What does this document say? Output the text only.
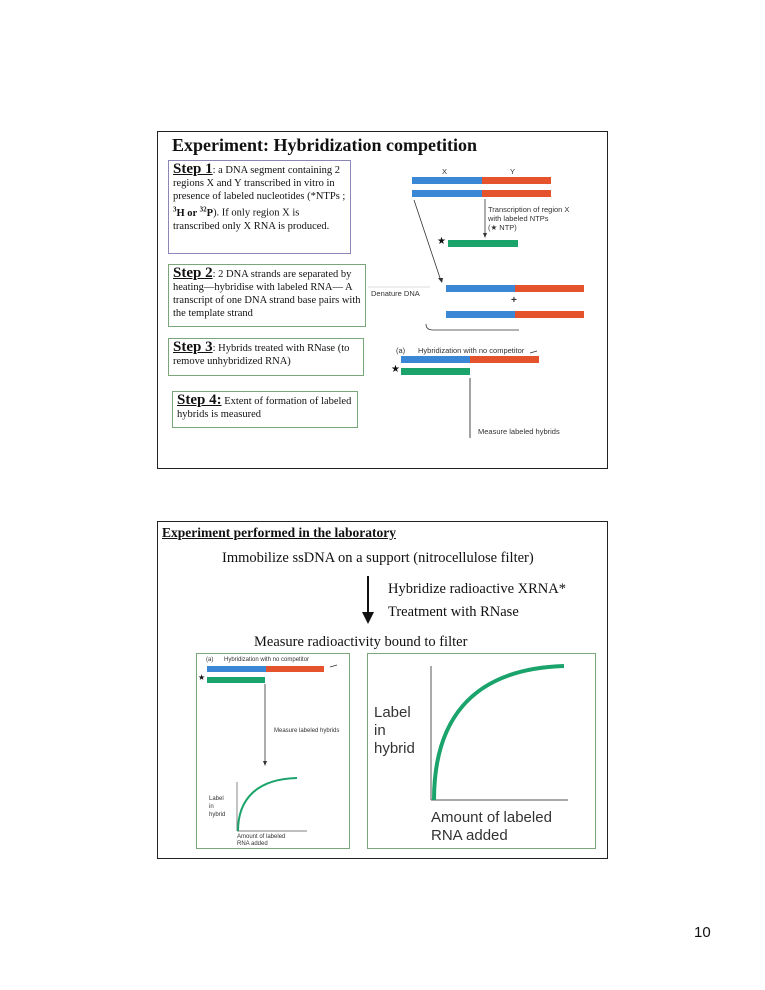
Experiment: Hybridization competition
Step 1: a DNA segment containing 2 regions X and Y transcribed in vitro in presence of labeled nucleotides (*NTPs ; $^3$H or $^{32}$P). If only region X is transcribed only X RNA is produced.
Step 2: 2 DNA strands are separated by heating—hybridise with labeled RNA— A transcript of one DNA strand base pairs with the template strand
Step 3: Hybrids treated with RNase (to remove unhybridized RNA)
Step 4: Extent of formation of labeled hybrids is measured
X	Y
Transcription of region X
with labeled NTPs
(★ NTP)
★
Denature DNA
+
(a) Hybridization with no competitor
★
Measure labeled hybrids
Experiment performed in the laboratory
Immobilize ssDNA on a support (nitrocellulose filter)
Hybridize radioactive XRNA*
Treatment with RNase
Measure radioactivity bound to filter
(a) Hybridization with no competitor
★
Measure labeled hybrids
Label
in
hybrid
Amount of labeled
RNA added
Label
in
hybrid
Amount of labeled
RNA added
10
